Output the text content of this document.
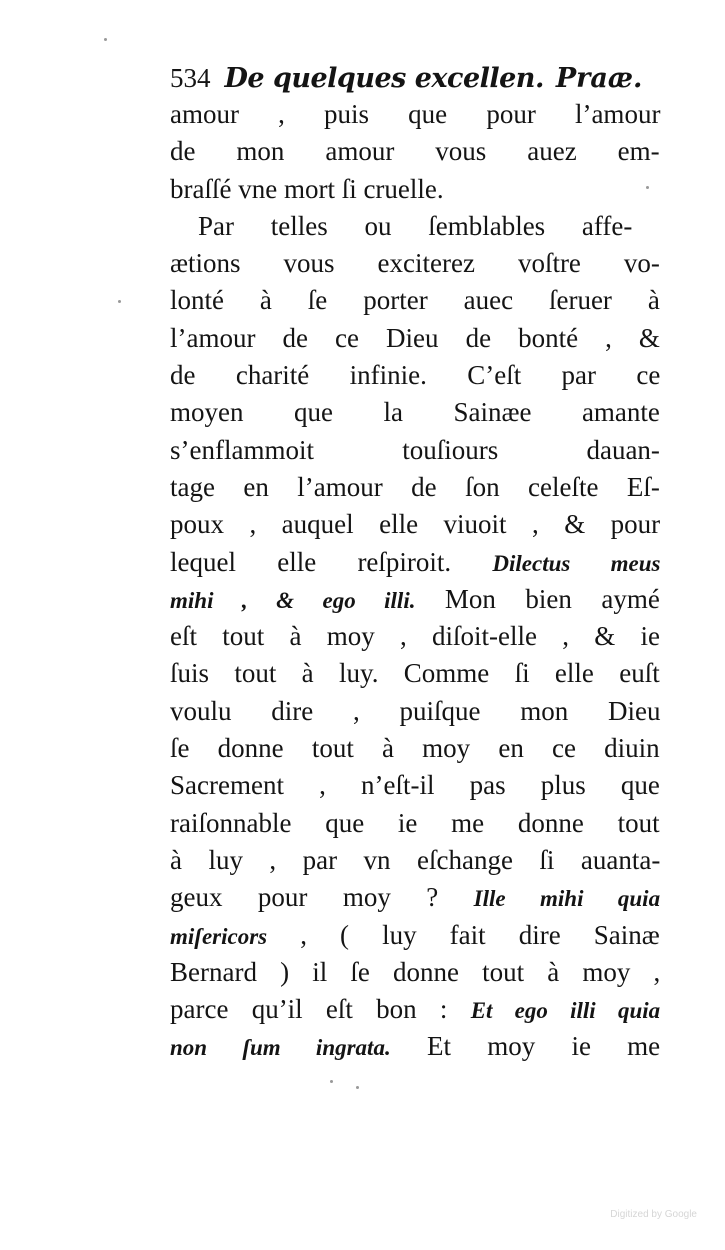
534 De quelques excellen. Praæ.
amour , puis que pour l’amour
de mon amour vous auez em-
braſſé vne mort ſi cruelle.
Par telles ou ſemblables affe-
ætions vous exciterez voſtre vo-
lonté à ſe porter auec ſeruer à
l’amour de ce Dieu de bonté , &
de charité infinie. C’eſt par ce
moyen que la Sainæe amante
s’enflammoit touſiours dauan-
tage en l’amour de ſon celeſte Eſ-
poux , auquel elle viuoit , & pour
lequel elle reſpiroit. Dilectus meus
mihi , & ego illi. Mon bien aymé
eſt tout à moy , diſoit-elle , & ie
ſuis tout à luy. Comme ſi elle euſt
voulu dire , puiſque mon Dieu
ſe donne tout à moy en ce diuin
Sacrement , n’eſt-il pas plus que
raiſonnable que ie me donne tout
à luy , par vn eſchange ſi auanta-
geux pour moy ? Ille mihi quia
miſericors , ( luy fait dire Sainæ
Bernard ) il ſe donne tout à moy ,
parce qu’il eſt bon : Et ego illi quia
non ſum ingrata. Et moy ie me
Digitized by Google
